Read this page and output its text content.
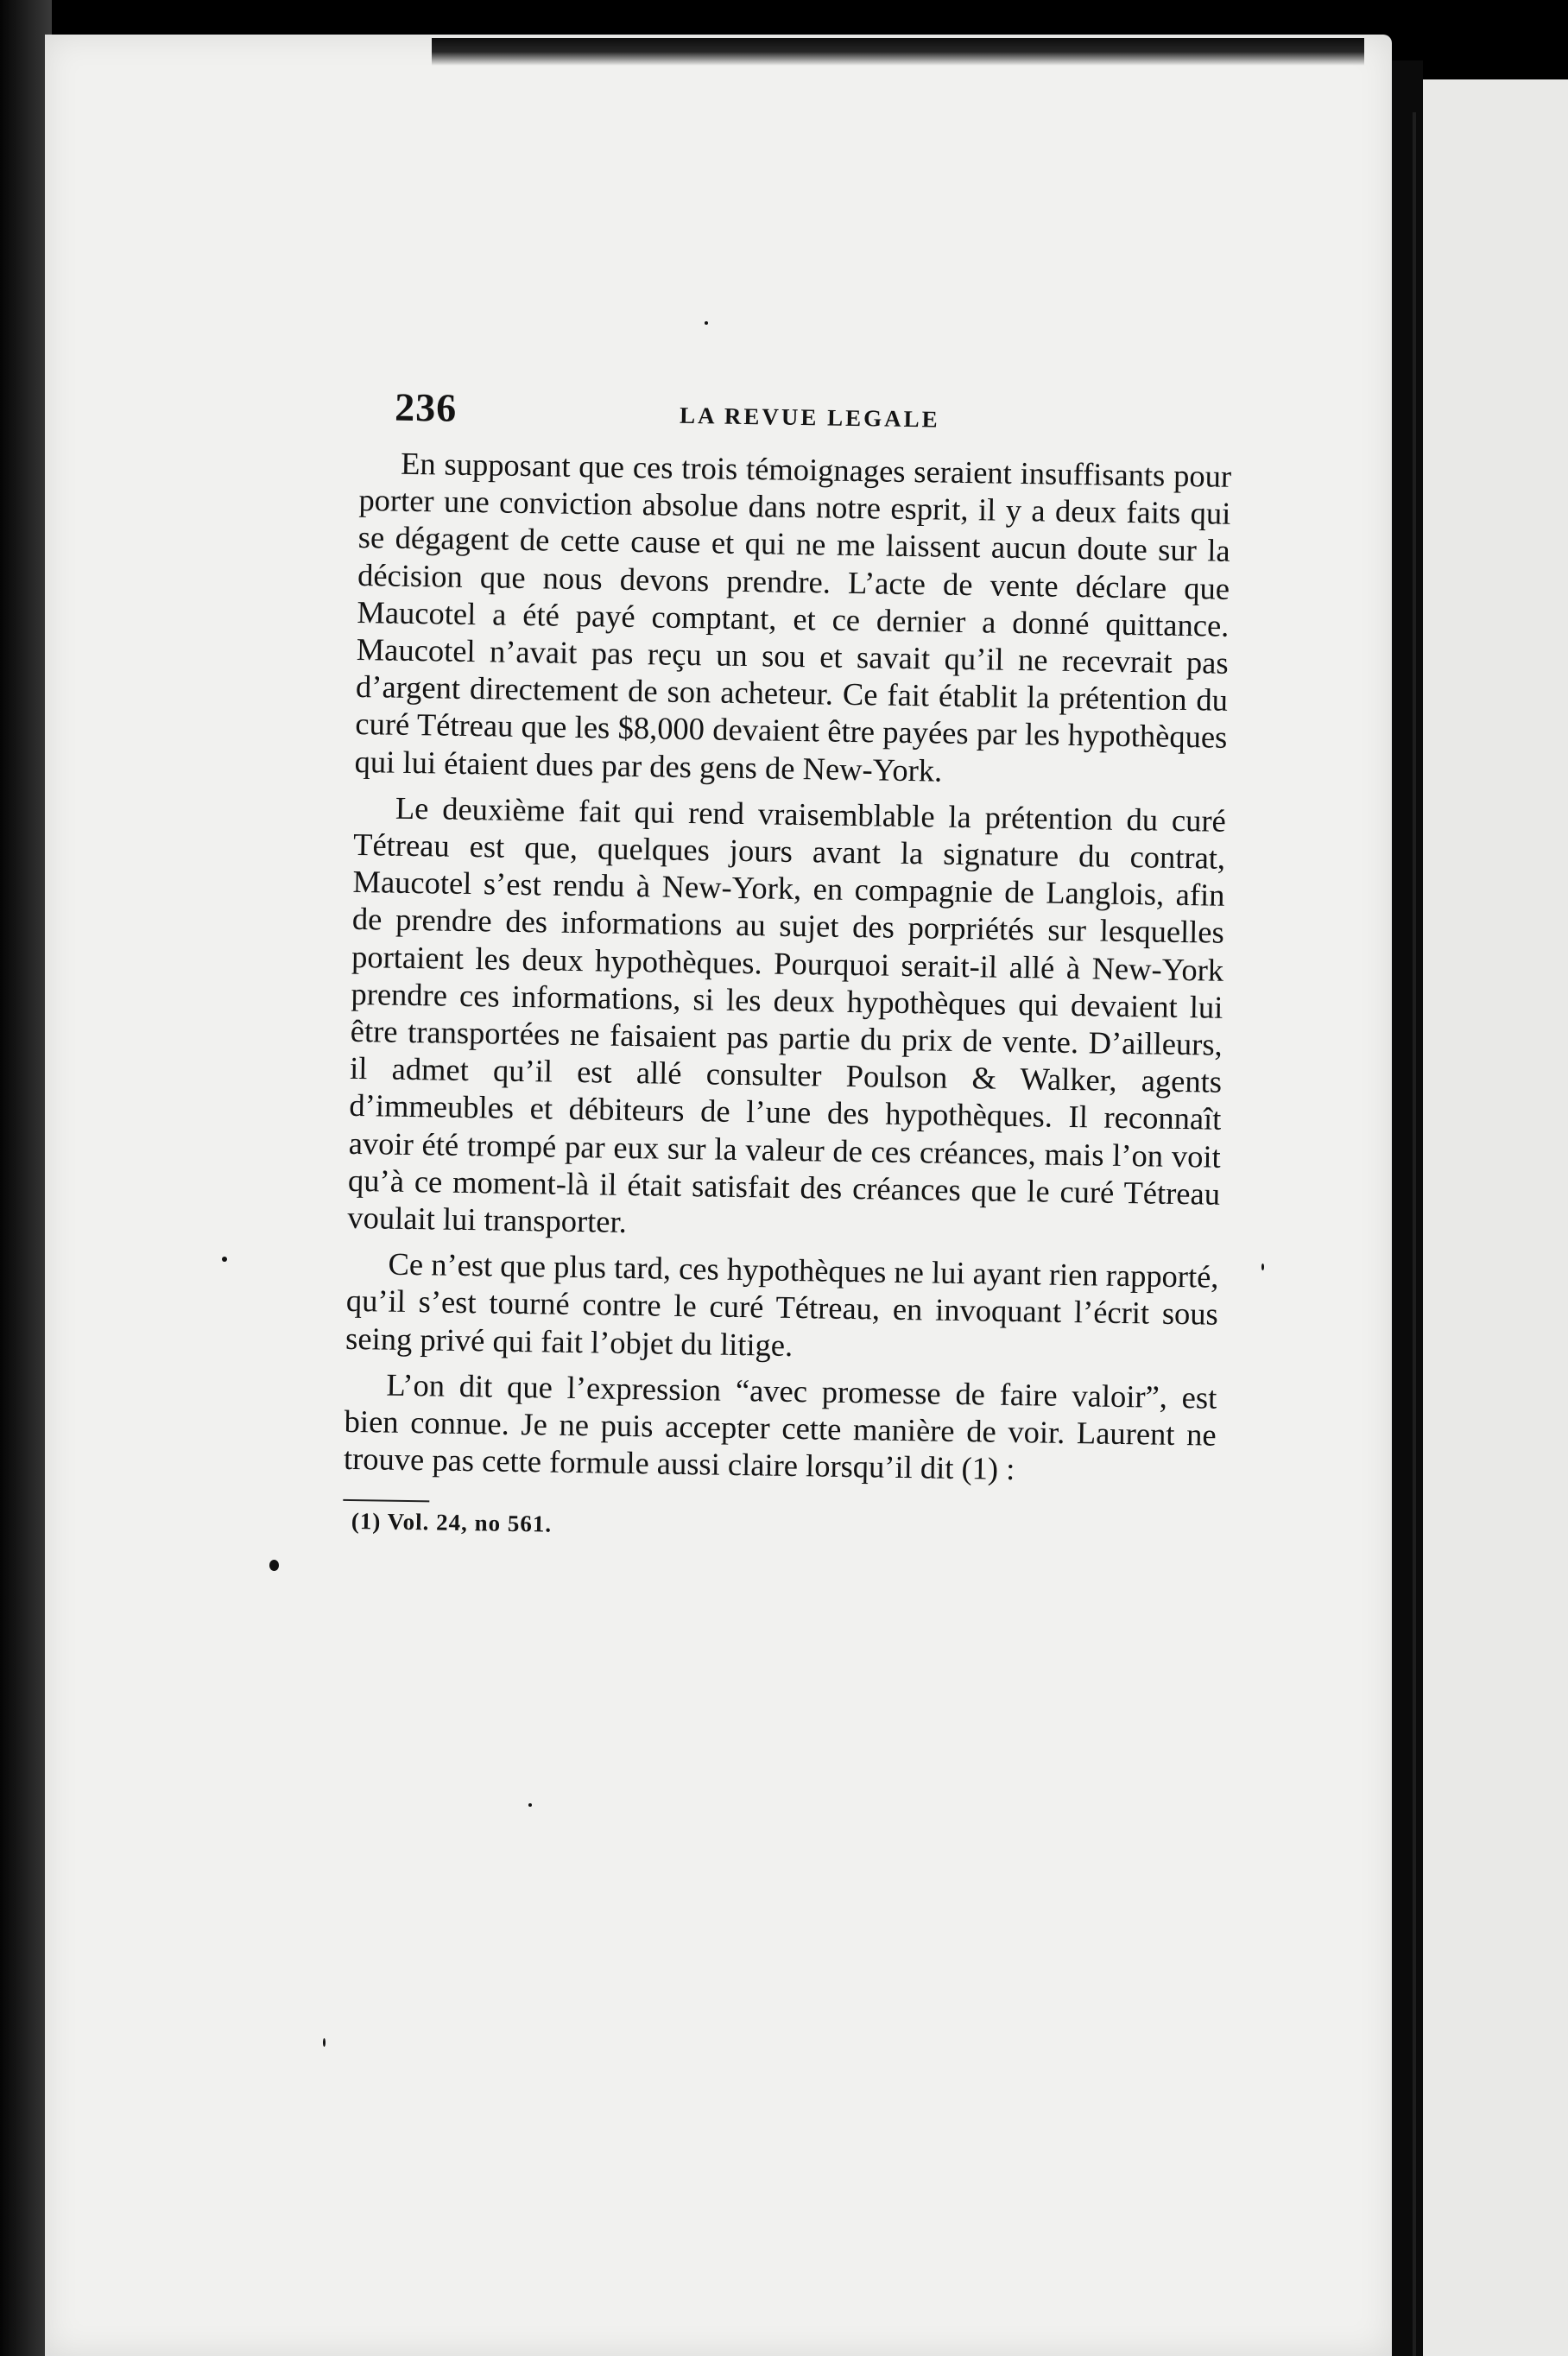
236	LA REVUE LEGALE

En supposant que ces trois témoignages seraient insuffisants pour porter une conviction absolue dans notre esprit, il y a deux faits qui se dégagent de cette cause et qui ne me laissent aucun doute sur la décision que nous devons prendre. L’acte de vente déclare que Maucotel a été payé comptant, et ce dernier a donné quittance. Maucotel n’avait pas reçu un sou et savait qu’il ne recevrait pas d’argent directement de son acheteur. Ce fait établit la prétention du curé Tétreau que les $8,000 devaient être payées par les hypothèques qui lui étaient dues par des gens de New-York.

Le deuxième fait qui rend vraisemblable la prétention du curé Tétreau est que, quelques jours avant la signature du contrat, Maucotel s’est rendu à New-York, en compagnie de Langlois, afin de prendre des informations au sujet des porpriétés sur lesquelles portaient les deux hypothèques. Pourquoi serait-il allé à New-York prendre ces informations, si les deux hypothèques qui devaient lui être transportées ne faisaient pas partie du prix de vente. D’ailleurs, il admet qu’il est allé consulter Poulson & Walker, agents d’immeubles et débiteurs de l’une des hypothèques. Il reconnaît avoir été trompé par eux sur la valeur de ces créances, mais l’on voit qu’à ce moment-là il était satisfait des créances que le curé Tétreau voulait lui transporter.

Ce n’est que plus tard, ces hypothèques ne lui ayant rien rapporté, qu’il s’est tourné contre le curé Tétreau, en invoquant l’écrit sous seing privé qui fait l’objet du litige.

L’on dit que l’expression “avec promesse de faire valoir”, est bien connue. Je ne puis accepter cette manière de voir. Laurent ne trouve pas cette formule aussi claire lorsqu’il dit (1) :

(1) Vol. 24, no 561.
